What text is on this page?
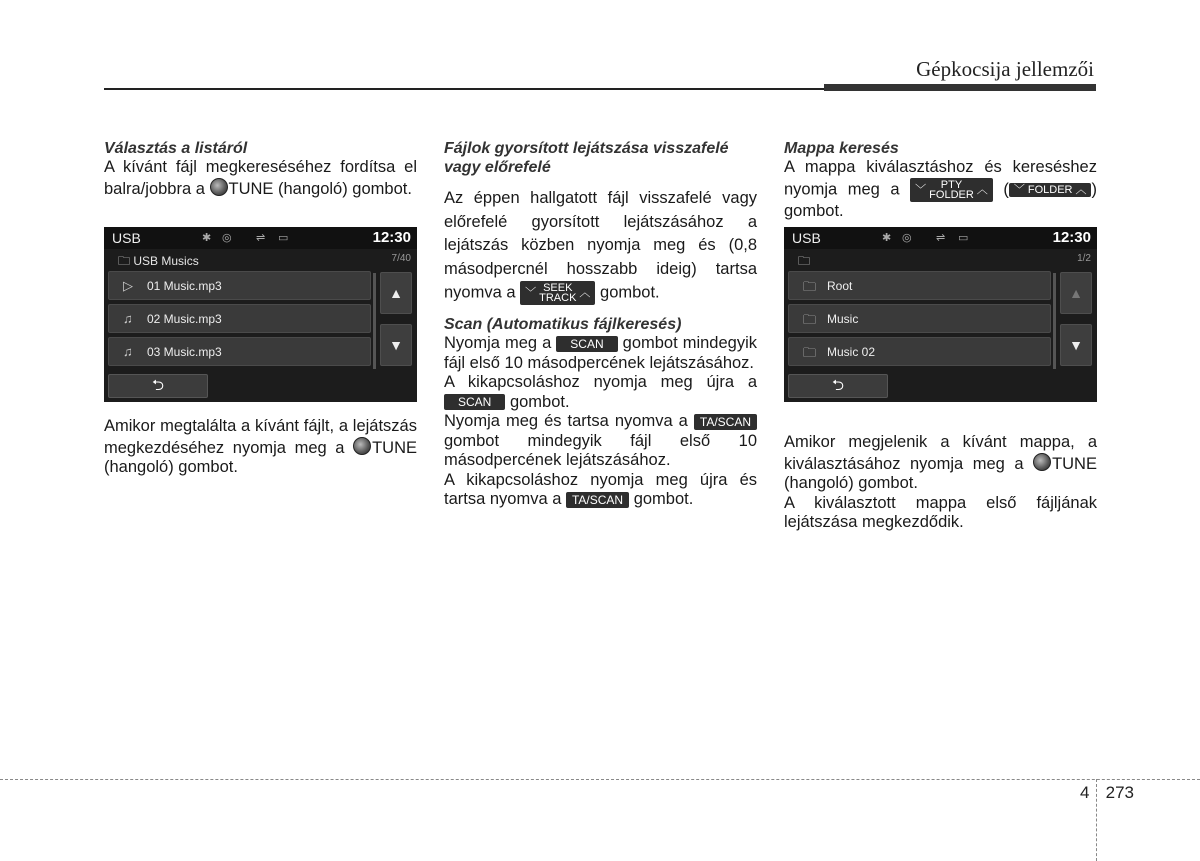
Gépkocsija jellemzői
Választás a listáról

A kívánt fájl megkereséséhez fordítsa el balra/jobbra a TUNE (hangoló) gombot.

Amikor megtalálta a kívánt fájlt, a lejátszás megkezdéséhez nyomja meg a TUNE (hangoló) gombot.

USB	✱ ◎ ⇌ ▭	12:30
🗀 USB Musics	7/40
▷ 01 Music.mp3
♫ 02 Music.mp3
♫ 03 Music.mp3
▲
▼
⮌
Fájlok gyorsított lejátszása visszafelé vagy előrefelé

Az éppen hallgatott fájl visszafelé vagy előrefelé gyorsított lejátszásához a lejátszás közben nyomja meg és (0,8 másodpercnél hosszabb ideig) tartsa nyomva a ﹀ SEEK
TRACK ︿ gombot.

Scan (Automatikus fájlkeresés)

Nyomja meg a SCAN gombot mindegyik fájl első 10 másodpercének lejátszásához.

A kikapcsoláshoz nyomja meg újra a SCAN gombot.

Nyomja meg és tartsa nyomva a TA/SCAN gombot mindegyik fájl első 10 másodpercének lejátszásához.

A kikapcsoláshoz nyomja meg újra és tartsa nyomva a TA/SCAN gombot.

Mappa keresés

A mappa kiválasztáshoz és kereséshez nyomja meg a ﹀ PTY
FOLDER ︿ ( ﹀ FOLDER ︿ ) gombot.

Amikor megjelenik a kívánt mappa, a kiválasztásához nyomja meg a TUNE (hangoló) gombot.

A kiválasztott mappa első fájljának lejátszása megkezdődik.

USB	✱ ◎ ⇌ ▭	12:30
🗀	1/2
🗀 Root
🗀 Music
🗀 Music 02
▲
▼
⮌
4 273
